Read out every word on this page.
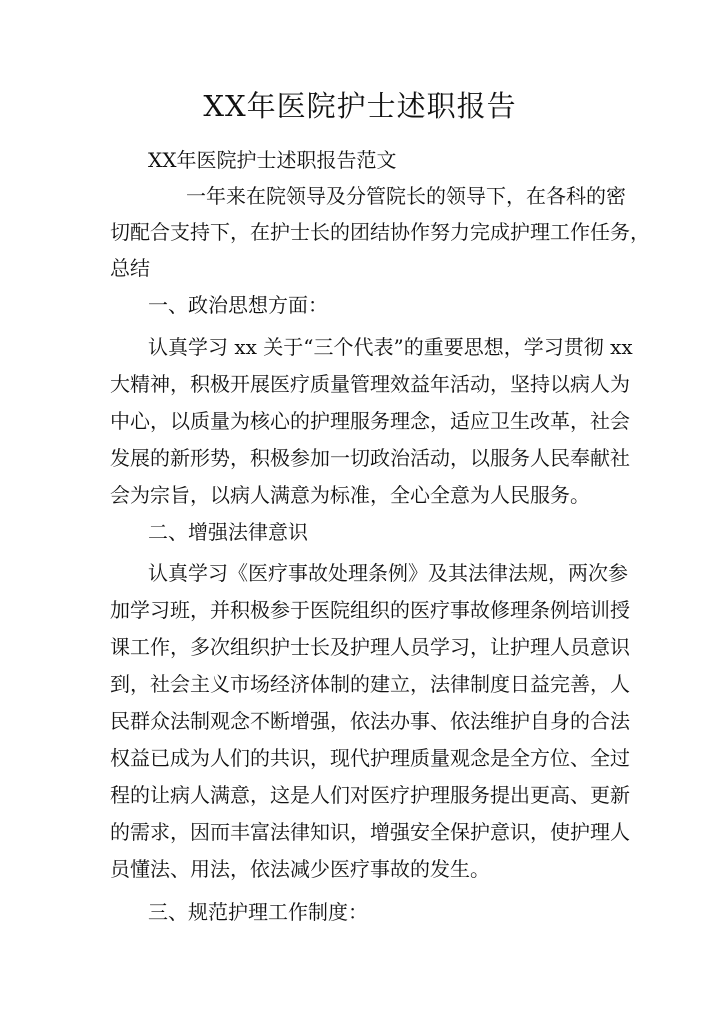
XX年医院护士述职报告

XX年医院护士述职报告范文

一年来在院领导及分管院长的领导下，在各科的密

切配合支持下，在护士长的团结协作努力完成护理工作任务，

总结

一、政治思想方面：

认真学习 xx 关于“三个代表”的重要思想，学习贯彻 xx

大精神，积极开展医疗质量管理效益年活动，坚持以病人为

中心，以质量为核心的护理服务理念，适应卫生改革，社会

发展的新形势，积极参加一切政治活动，以服务人民奉献社

会为宗旨，以病人满意为标准，全心全意为人民服务。

二、增强法律意识

认真学习《医疗事故处理条例》及其法律法规，两次参

加学习班，并积极参于医院组织的医疗事故修理条例培训授

课工作，多次组织护士长及护理人员学习，让护理人员意识

到，社会主义市场经济体制的建立，法律制度日益完善，人

民群众法制观念不断增强，依法办事、依法维护自身的合法

权益已成为人们的共识，现代护理质量观念是全方位、全过

程的让病人满意，这是人们对医疗护理服务提出更高、更新

的需求，因而丰富法律知识，增强安全保护意识，使护理人

员懂法、用法，依法减少医疗事故的发生。

三、规范护理工作制度：
